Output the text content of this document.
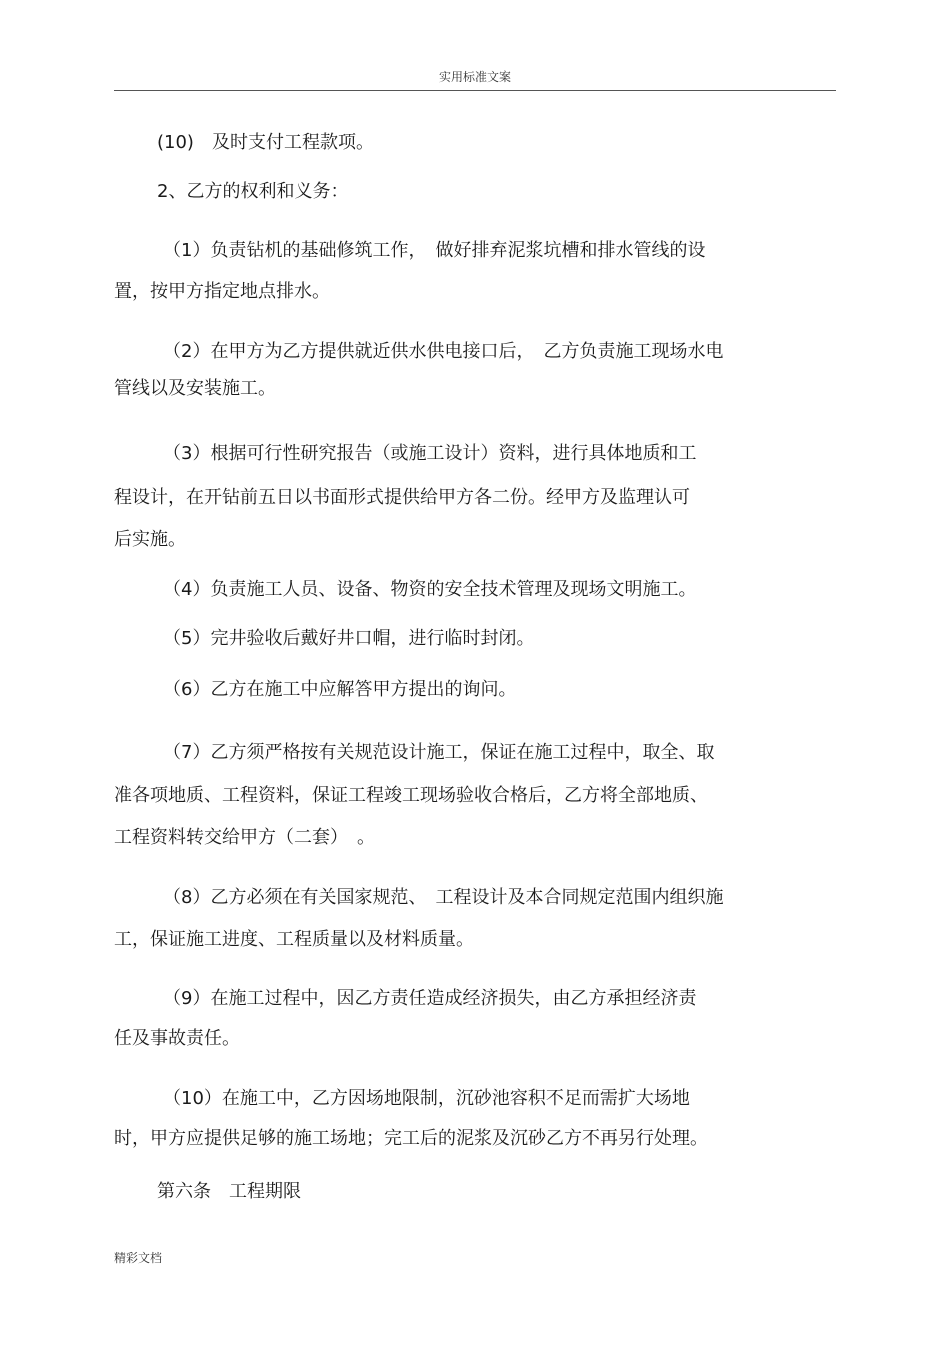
实用标准文案
(10)　及时支付工程款项。
2、乙方的权利和义务：
（1）负责钻机的基础修筑工作，　做好排弃泥浆坑槽和排水管线的设
置，按甲方指定地点排水。
（2）在甲方为乙方提供就近供水供电接口后，　乙方负责施工现场水电
管线以及安装施工。
（3）根据可行性研究报告（或施工设计）资料，进行具体地质和工
程设计，在开钻前五日以书面形式提供给甲方各二份。经甲方及监理认可
后实施。
（4）负责施工人员、设备、物资的安全技术管理及现场文明施工。
（5）完井验收后戴好井口帽，进行临时封闭。
（6）乙方在施工中应解答甲方提出的询问。
（7）乙方须严格按有关规范设计施工，保证在施工过程中，取全、取
准各项地质、工程资料，保证工程竣工现场验收合格后，乙方将全部地质、
工程资料转交给甲方（二套）　。
（8）乙方必须在有关国家规范、　工程设计及本合同规定范围内组织施
工，保证施工进度、工程质量以及材料质量。
（9）在施工过程中，因乙方责任造成经济损失，由乙方承担经济责
任及事故责任。
（10）在施工中，乙方因场地限制，沉砂池容积不足而需扩大场地
时，甲方应提供足够的施工场地；完工后的泥浆及沉砂乙方不再另行处理。
第六条　工程期限
精彩文档
